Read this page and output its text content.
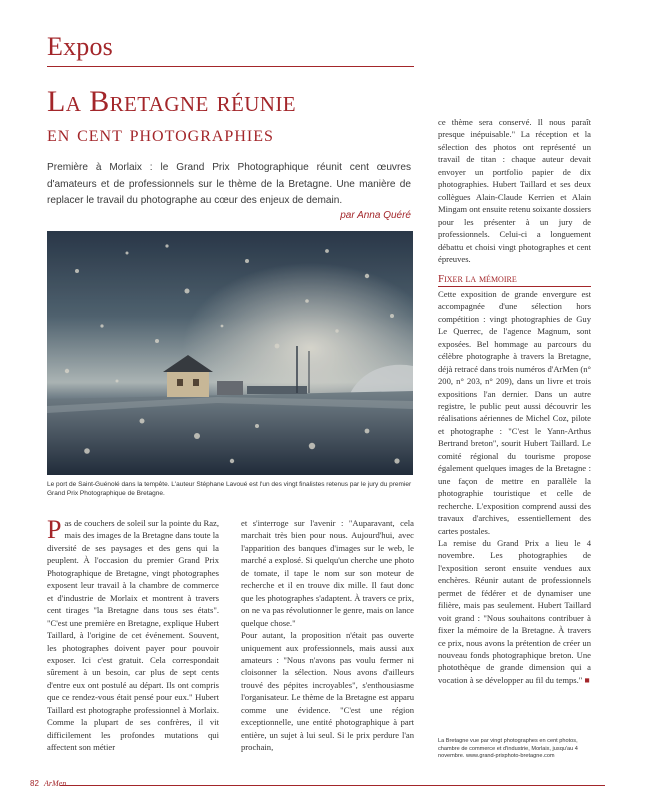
Expos
La Bretagne réunie
en cent photographies
Première à Morlaix : le Grand Prix Photographique réunit cent œuvres d'amateurs et de professionnels sur le thème de la Bretagne. Une manière de replacer le travail du photographe au cœur des enjeux de demain.
par Anna Quéré
Le port de Saint-Guénolé dans la tempête. L'auteur Stéphane Lavoué est l'un des vingt finalistes retenus par le jury du premier Grand Prix Photographique de Bretagne.
P as de couchers de soleil sur la pointe du Raz, mais des images de la Bretagne dans toute la diversité de ses paysages et des gens qui la peuplent. À l'occasion du premier Grand Prix Photographique de Bretagne, vingt photographes exposent leur travail à la chambre de commerce et d'industrie de Morlaix et montrent à travers cent tirages "la Bretagne dans tous ses états". "C'est une première en Bretagne, explique Hubert Taillard, à l'origine de cet événement. Souvent, les photographes doivent payer pour pouvoir exposer. Ici c'est gratuit. Cela correspondait sûrement à un besoin, car plus de sept cents d'entre eux ont postulé au départ. Ils ont compris que ce rendez-vous était pensé pour eux." Hubert Taillard est photographe professionnel à Morlaix. Comme la plupart de ses confrères, il vit difficilement les profondes mutations qui affectent son métier

et s'interroge sur l'avenir : "Auparavant, cela marchait très bien pour nous. Aujourd'hui, avec l'apparition des banques d'images sur le web, le marché a explosé. Si quelqu'un cherche une photo de tomate, il tape le nom sur son moteur de recherche et il en trouve dix mille. Il faut donc que les photographes s'adaptent. À travers ce prix, on ne va pas révolutionner le genre, mais on lance quelque chose."

Pour autant, la proposition n'était pas ouverte uniquement aux professionnels, mais aussi aux amateurs : "Nous n'avons pas voulu fermer ni cloisonner la sélection. Nous avons d'ailleurs trouvé des pépites incroyables", s'enthousiasme l'organisateur. Le thème de la Bretagne est apparu comme une évidence. "C'est une région exceptionnelle, une entité photographique à part entière, un sujet à lui seul. Si le prix perdure l'an prochain,

ce thème sera conservé. Il nous paraît presque inépuisable." La réception et la sélection des photos ont représenté un travail de titan : chaque auteur devait envoyer un portfolio papier de dix photographies. Hubert Taillard et ses deux collègues Alain-Claude Kerrien et Alain Mingam ont ensuite retenu soixante dossiers pour les présenter à un jury de professionnels. Celui-ci a longuement débattu et choisi vingt photographes et cent épreuves.

Fixer la mémoire

Cette exposition de grande envergure est accompagnée d'une sélection hors compétition : vingt photographies de Guy Le Querrec, de l'agence Magnum, sont exposées. Bel hommage au parcours du célèbre photographe à travers la Bretagne, déjà retracé dans trois numéros d'ArMen (n° 200, n° 203, n° 209), dans un livre et trois expositions l'an dernier. Dans un autre registre, le public peut aussi découvrir les réalisations aériennes de Michel Coz, pilote et photographe : "C'est le Yann-Arthus Bertrand breton", sourit Hubert Taillard. Le comité régional du tourisme propose également quelques images de la Bretagne : une façon de mettre en parallèle la photographie touristique et celle de recherche. L'exposition comprend aussi des travaux d'archives, essentiellement des cartes postales.

La remise du Grand Prix a lieu le 4 novembre. Les photographies de l'exposition seront ensuite vendues aux enchères. Réunir autant de professionnels permet de fédérer et de dynamiser une filière, mais pas seulement. Hubert Taillard voit grand : "Nous souhaitons contribuer à fixer la mémoire de la Bretagne. À travers ce prix, nous avons la prétention de créer un nouveau fonds photographique breton. Une photothèque de grande dimension qui a vocation à se développer au fil du temps." ■

La Bretagne vue par vingt photographes en cent photos, chambre de commerce et d'industrie, Morlaix, jusqu'au 4 novembre. www.grand-prixphoto-bretagne.com
82 ArMen
